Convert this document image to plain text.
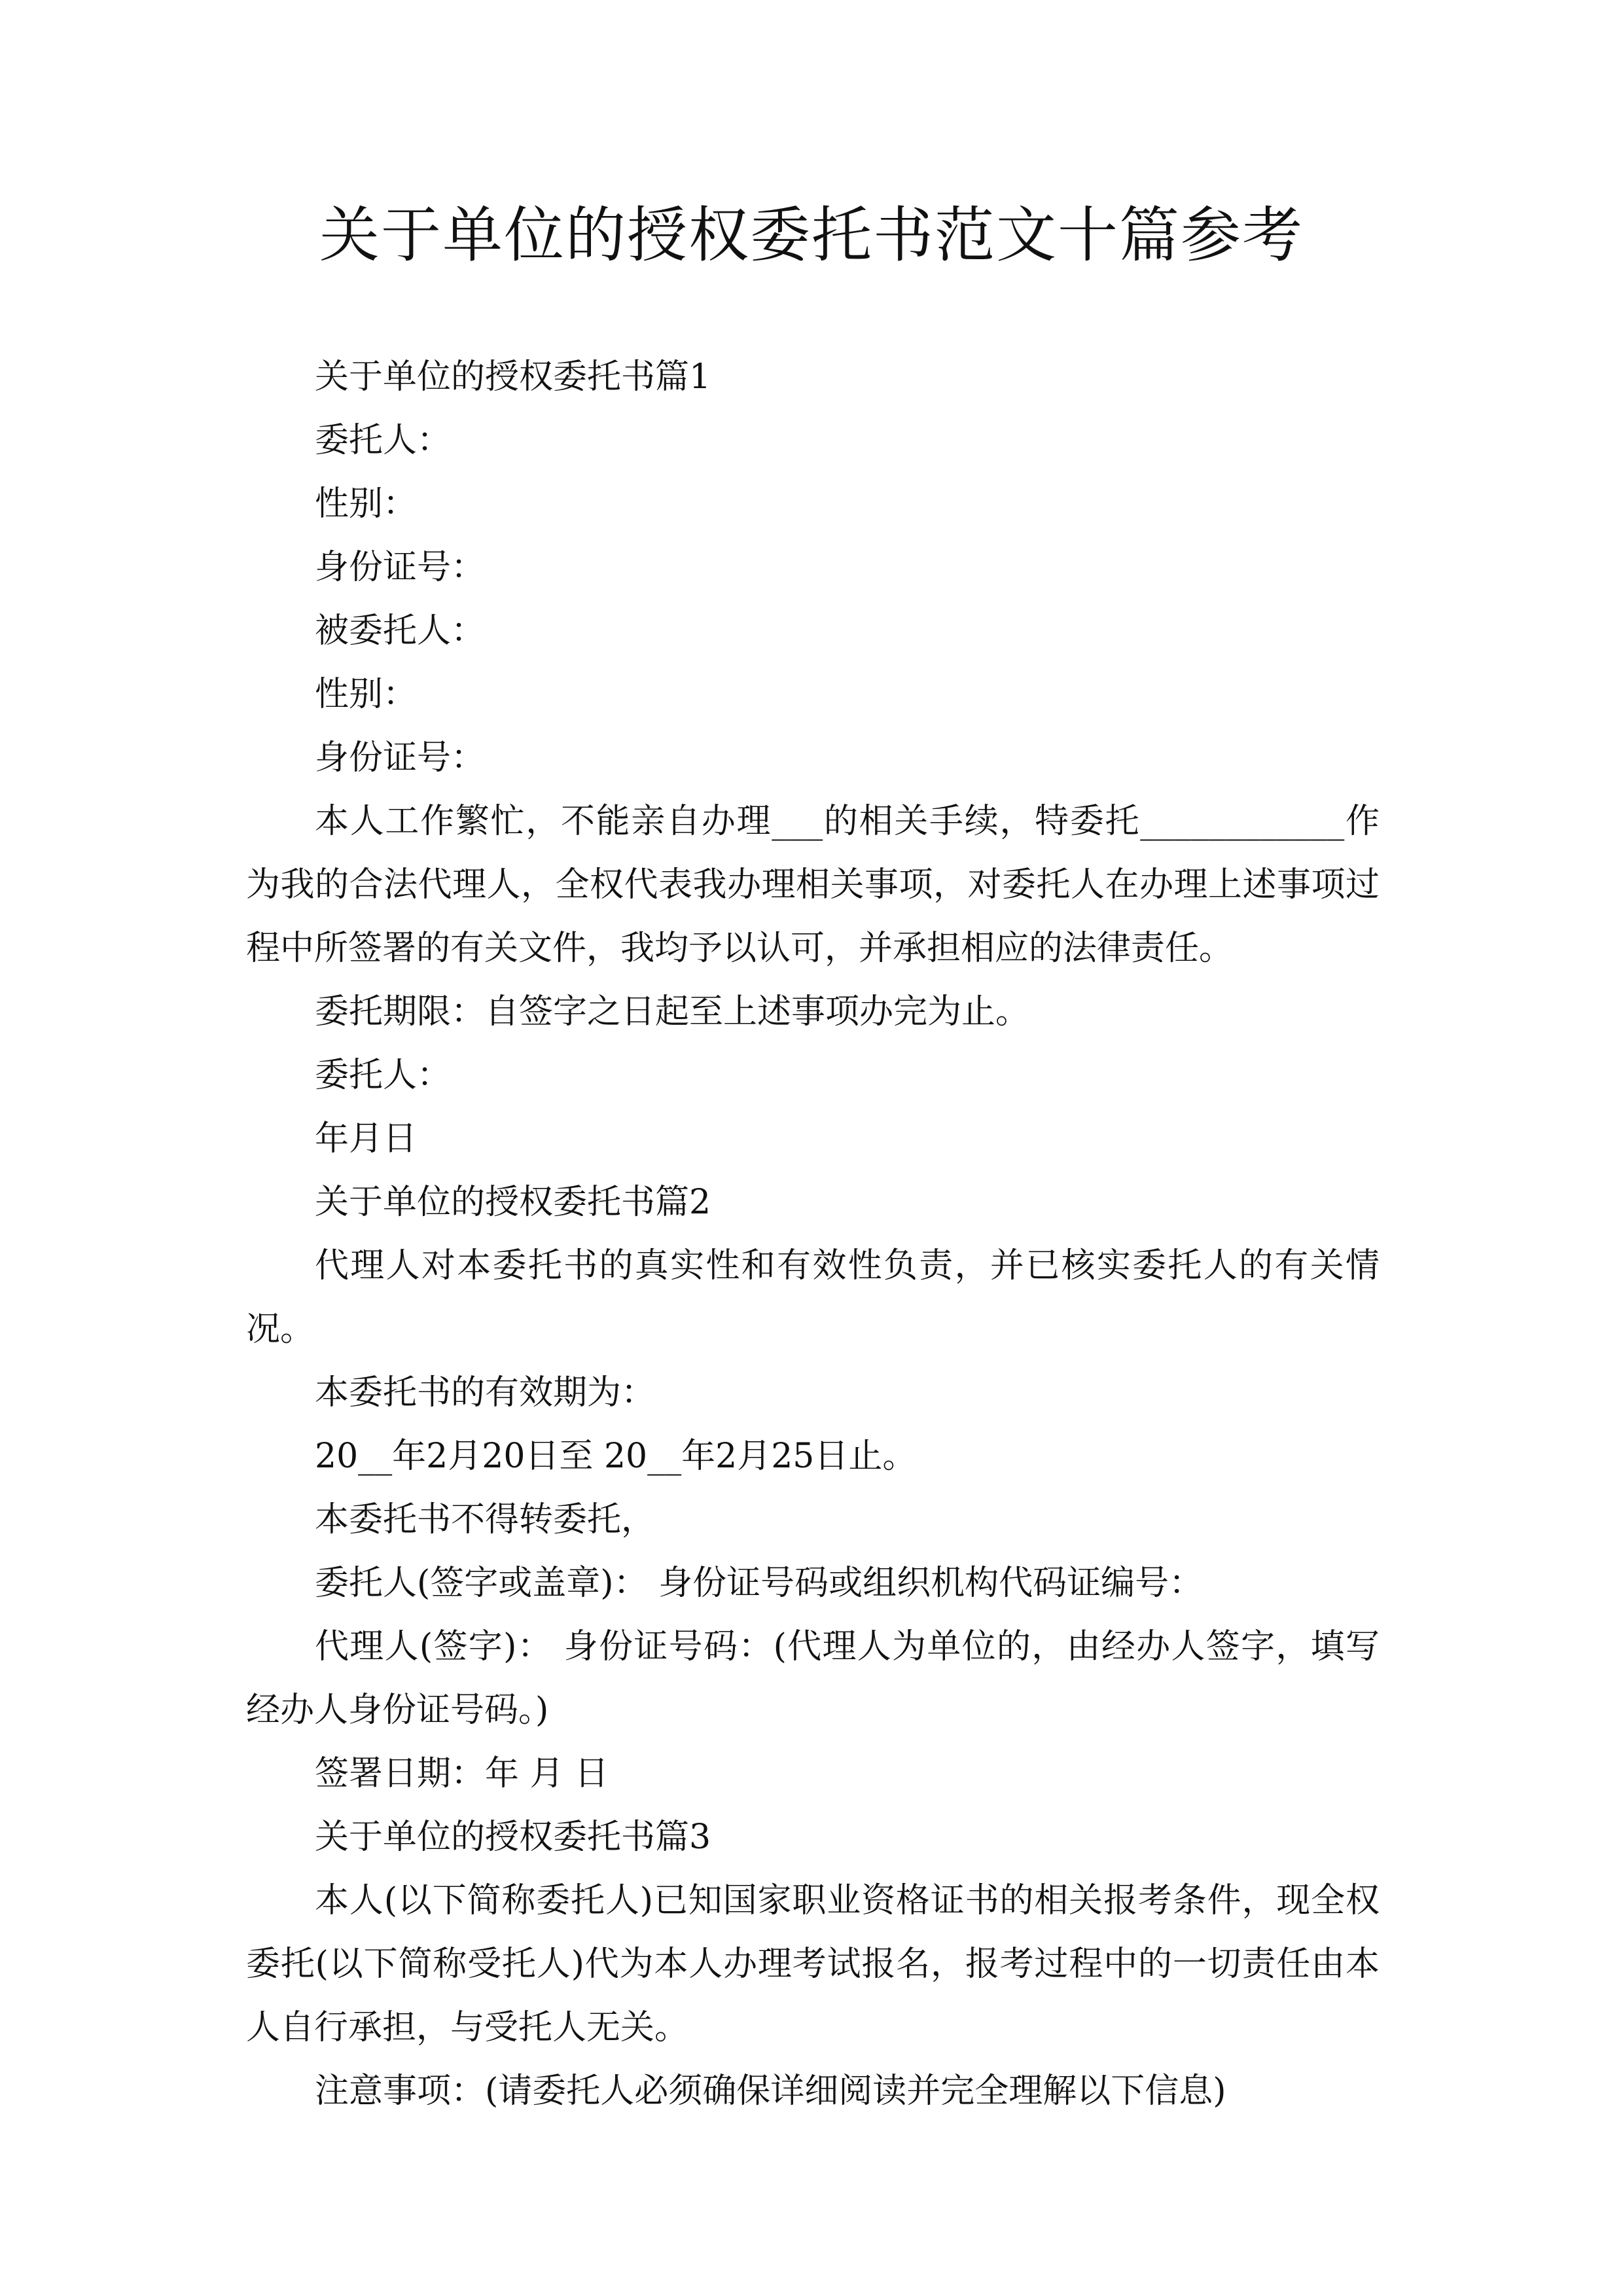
关于单位的授权委托书范文十篇参考

关于单位的授权委托书篇1

委托人：

性别：

身份证号：

被委托人：

性别：

身份证号：

本人工作繁忙，不能亲自办理___的相关手续，特委托____________作为我的合法代理人，全权代表我办理相关事项，对委托人在办理上述事项过程中所签署的有关文件，我均予以认可，并承担相应的法律责任。

委托期限：自签字之日起至上述事项办完为止。

委托人：

年月日

关于单位的授权委托书篇2

代理人对本委托书的真实性和有效性负责，并已核实委托人的有关情况。

本委托书的有效期为：

20__年2月20日至 20__年2月25日止。

本委托书不得转委托，

委托人(签字或盖章)： 身份证号码或组织机构代码证编号：

代理人(签字)： 身份证号码：(代理人为单位的，由经办人签字，填写经办人身份证号码。)

签署日期：年 月 日

关于单位的授权委托书篇3

本人(以下简称委托人)已知国家职业资格证书的相关报考条件，现全权委托(以下简称受托人)代为本人办理考试报名，报考过程中的一切责任由本人自行承担，与受托人无关。

注意事项：(请委托人必须确保详细阅读并完全理解以下信息)
